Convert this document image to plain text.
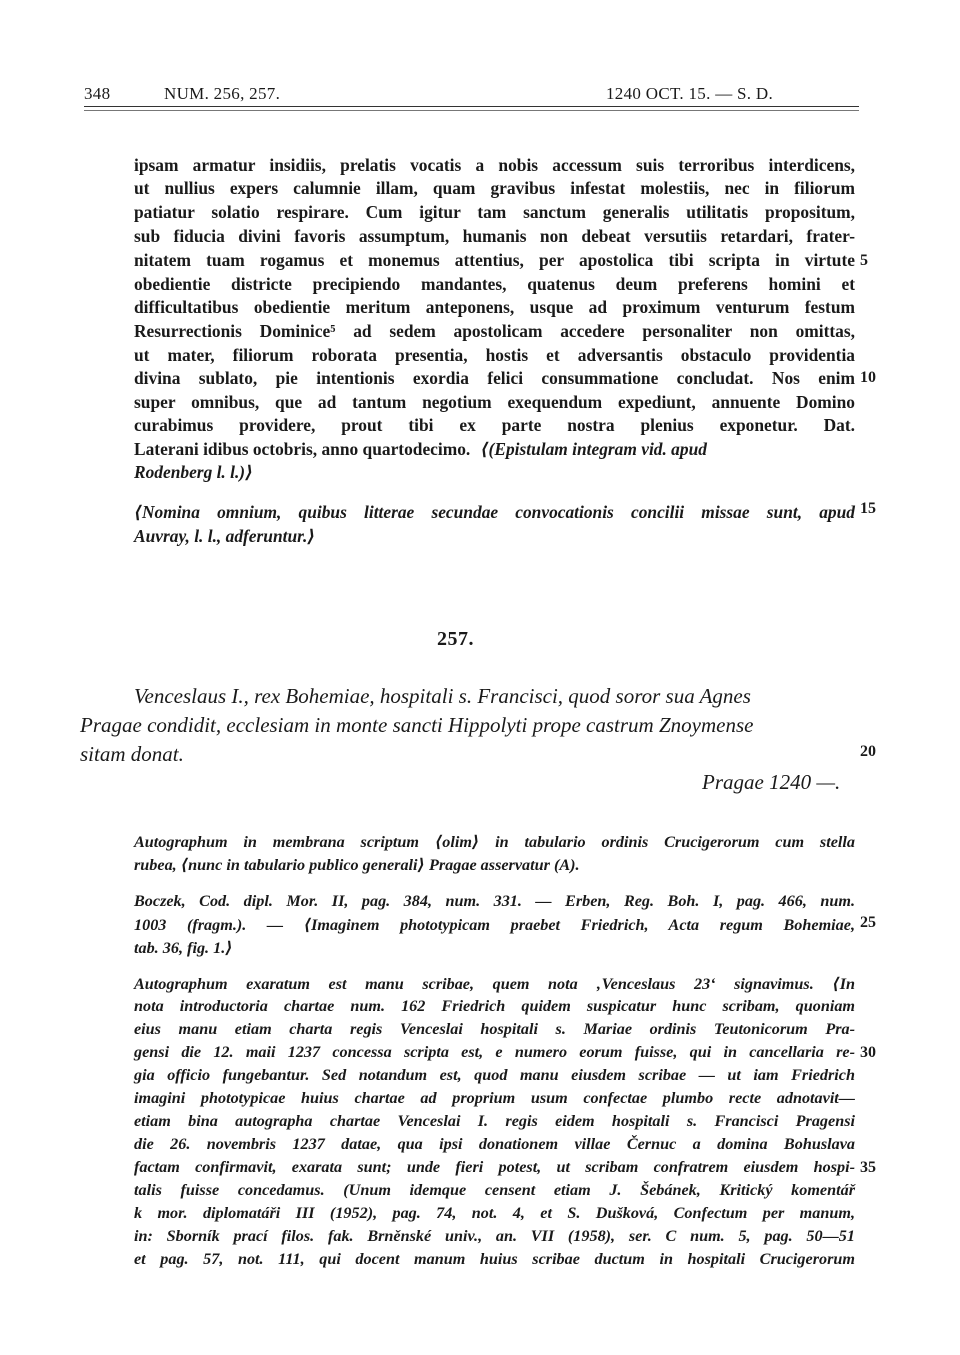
348	NUM. 256, 257.	1240 OCT. 15. — S. D.
ipsam armatur insidiis, prelatis vocatis a nobis accessum suis terroribus interdicens,
ut nullius expers calumnie illam, quam gravibus infestat molestiis, nec in filiorum
patiatur solatio respirare. Cum igitur tam sanctum generalis utilitatis propositum,
sub fiducia divini favoris assumptum, humanis non debeat versutiis retardari, frater-
nitatem tuam rogamus et monemus attentius, per apostolica tibi scripta in virtute
obedientie districte precipiendo mandantes, quatenus deum preferens homini et
difficultatibus obedientie meritum anteponens, usque ad proximum venturum festum
Resurrectionis Dominice⁵ ad sedem apostolicam accedere personaliter non omittas,
ut mater, filiorum roborata presentia, hostis et adversantis obstaculo providentia
divina sublato, pie intentionis exordia felici consummatione concludat. Nos enim
super omnibus, que ad tantum negotium exequendum expediunt, annuente Domino
curabimus providere, prout tibi ex parte nostra plenius exponetur. Dat.
Laterani idibus octobris, anno quartodecimo. ⟨(Epistulam integram vid. apud
Rodenberg l. l.)⟩
⟨Nomina omnium, quibus litterae secundae convocationis concilii missae sunt, apud
Auvray, l. l., adferuntur.⟩
257.
Venceslaus I., rex Bohemiae, hospitali s. Francisci, quod soror sua Agnes
Pragae condidit, ecclesiam in monte sancti Hippolyti prope castrum Znoymense
sitam donat.
Pragae 1240 —.
Autographum in membrana scriptum ⟨olim⟩ in tabulario ordinis Crucigerorum cum stella
rubea, ⟨nunc in tabulario publico generali⟩ Pragae asservatur (A).
Boczek, Cod. dipl. Mor. II, pag. 384, num. 331. — Erben, Reg. Boh. I, pag. 466, num.
1003 (fragm.). — ⟨Imaginem phototypicam praebet Friedrich, Acta regum Bohemiae,
tab. 36, fig. 1.⟩
Autographum exaratum est manu scribae, quem nota ‚Venceslaus 23‘ signavimus. ⟨In
nota introductoria chartae num. 162 Friedrich quidem suspicatur hunc scribam, quoniam
eius manu etiam charta regis Venceslai hospitali s. Mariae ordinis Teutonicorum Pra-
gensi die 12. maii 1237 concessa scripta est, e numero eorum fuisse, qui in cancellaria re-
gia officio fungebantur. Sed notandum est, quod manu eiusdem scribae — ut iam Friedrich
imagini phototypicae huius chartae ad proprium usum confectae plumbo recte adnotavit—
etiam bina autographa chartae Venceslai I. regis eidem hospitali s. Francisci Pragensi
die 26. novembris 1237 datae, qua ipsi donationem villae Černuc a domina Bohuslava
factam confirmavit, exarata sunt; unde fieri potest, ut scribam confratrem eiusdem hospi-
talis fuisse concedamus. (Unum idemque censent etiam J. Šebánek, Kritický komentář
k mor. diplomatáři III (1952), pag. 74, not. 4, et S. Dušková, Confectum per manum,
in: Sborník prací filos. fak. Brněnské univ., an. VII (1958), ser. C num. 5, pag. 50—51
et pag. 57, not. 111, qui docent manum huius scribae ductum in hospitali Crucigerorum
5
10
15
20
25
30
35
